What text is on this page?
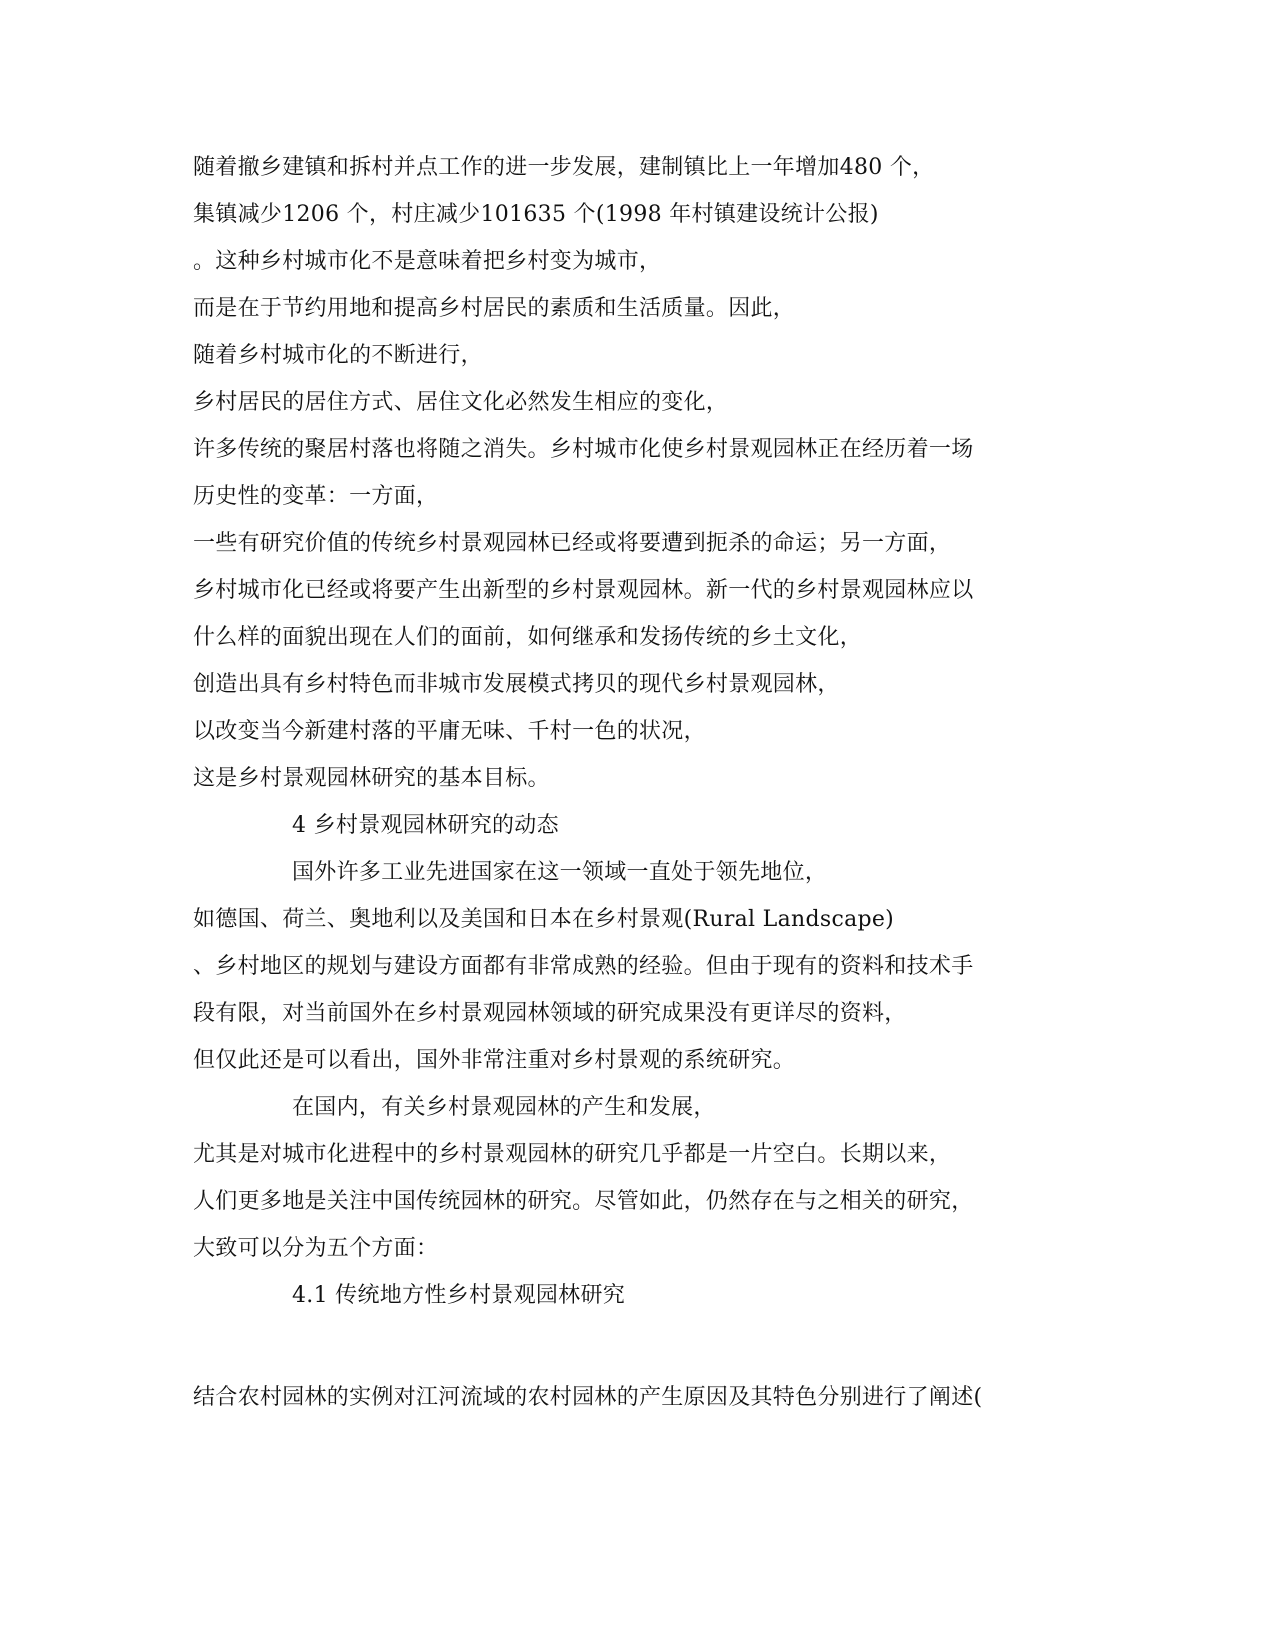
随着撤乡建镇和拆村并点工作的进一步发展，建制镇比上一年增加480 个，
集镇减少1206 个，村庄减少101635 个(1998 年村镇建设统计公报)
。这种乡村城市化不是意味着把乡村变为城市，
而是在于节约用地和提高乡村居民的素质和生活质量。因此，
随着乡村城市化的不断进行，
乡村居民的居住方式、居住文化必然发生相应的变化，
许多传统的聚居村落也将随之消失。乡村城市化使乡村景观园林正在经历着一场
历史性的变革：一方面，
一些有研究价值的传统乡村景观园林已经或将要遭到扼杀的命运；另一方面，
乡村城市化已经或将要产生出新型的乡村景观园林。新一代的乡村景观园林应以
什么样的面貌出现在人们的面前，如何继承和发扬传统的乡土文化，
创造出具有乡村特色而非城市发展模式拷贝的现代乡村景观园林，
以改变当今新建村落的平庸无味、千村一色的状况，
这是乡村景观园林研究的基本目标。
4 乡村景观园林研究的动态
国外许多工业先进国家在这一领域一直处于领先地位，
如德国、荷兰、奥地利以及美国和日本在乡村景观(Rural Landscape)
、乡村地区的规划与建设方面都有非常成熟的经验。但由于现有的资料和技术手
段有限，对当前国外在乡村景观园林领域的研究成果没有更详尽的资料，
但仅此还是可以看出，国外非常注重对乡村景观的系统研究。
在国内，有关乡村景观园林的产生和发展，
尤其是对城市化进程中的乡村景观园林的研究几乎都是一片空白。长期以来，
人们更多地是关注中国传统园林的研究。尽管如此，仍然存在与之相关的研究，
大致可以分为五个方面：
4.1 传统地方性乡村景观园林研究
结合农村园林的实例对江河流域的农村园林的产生原因及其特色分别进行了阐述(
